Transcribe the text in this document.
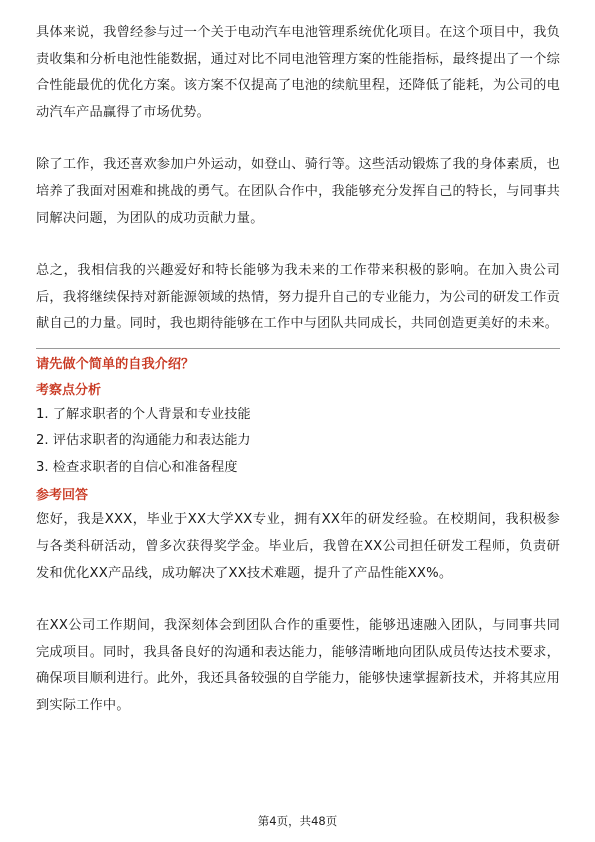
具体来说，我曾经参与过一个关于电动汽车电池管理系统优化项目。在这个项目中，我负责收集和分析电池性能数据，通过对比不同电池管理方案的性能指标，最终提出了一个综合性能最优的优化方案。该方案不仅提高了电池的续航里程，还降低了能耗，为公司的电动汽车产品赢得了市场优势。

除了工作，我还喜欢参加户外运动，如登山、骑行等。这些活动锻炼了我的身体素质，也培养了我面对困难和挑战的勇气。在团队合作中，我能够充分发挥自己的特长，与同事共同解决问题，为团队的成功贡献力量。

总之，我相信我的兴趣爱好和特长能够为我未来的工作带来积极的影响。在加入贵公司后，我将继续保持对新能源领域的热情，努力提升自己的专业能力，为公司的研发工作贡献自己的力量。同时，我也期待能够在工作中与团队共同成长，共同创造更美好的未来。

请先做个简单的自我介绍？

考察点分析

1. 了解求职者的个人背景和专业技能

2. 评估求职者的沟通能力和表达能力

3. 检查求职者的自信心和准备程度

参考回答

您好，我是XXX，毕业于XX大学XX专业，拥有XX年的研发经验。在校期间，我积极参与各类科研活动，曾多次获得奖学金。毕业后，我曾在XX公司担任研发工程师，负责研发和优化XX产品线，成功解决了XX技术难题，提升了产品性能XX%。

在XX公司工作期间，我深刻体会到团队合作的重要性，能够迅速融入团队，与同事共同完成项目。同时，我具备良好的沟通和表达能力，能够清晰地向团队成员传达技术要求，确保项目顺利进行。此外，我还具备较强的自学能力，能够快速掌握新技术，并将其应用到实际工作中。

第4页，共48页
